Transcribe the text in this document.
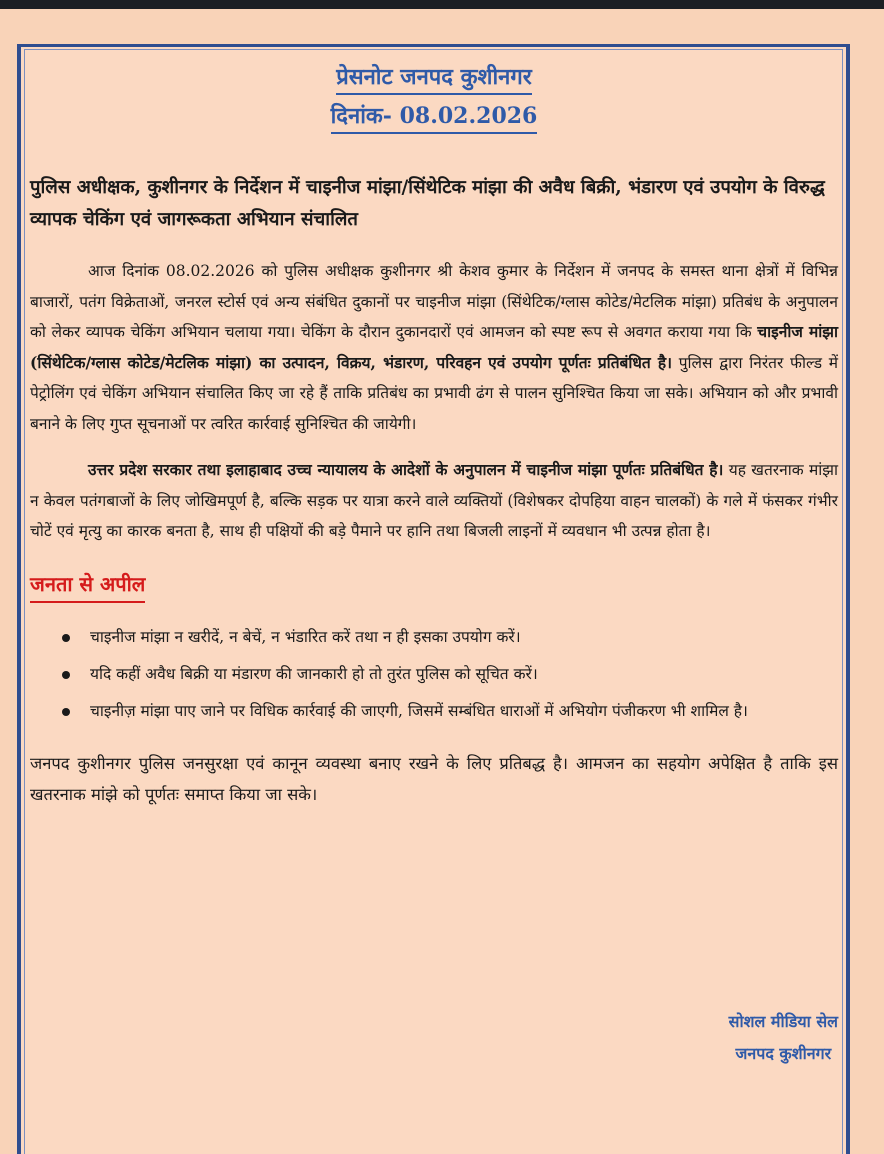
प्रेसनोट जनपद कुशीनगर
दिनांक- 08.02.2026
पुलिस अधीक्षक, कुशीनगर के निर्देशन में चाइनीज मांझा/सिंथेटिक मांझा की अवैध बिक्री, भंडारण एवं उपयोग के विरुद्ध व्यापक चेकिंग एवं जागरूकता अभियान संचालित
आज दिनांक 08.02.2026 को पुलिस अधीक्षक कुशीनगर श्री केशव कुमार के निर्देशन में जनपद के समस्त थाना क्षेत्रों में विभिन्न बाजारों, पतंग विक्रेताओं, जनरल स्टोर्स एवं अन्य संबंधित दुकानों पर चाइनीज मांझा (सिंथेटिक/ग्लास कोटेड/मेटलिक मांझा) प्रतिबंध के अनुपालन को लेकर व्यापक चेकिंग अभियान चलाया गया। चेकिंग के दौरान दुकानदारों एवं आमजन को स्पष्ट रूप से अवगत कराया गया कि चाइनीज मांझा (सिंथेटिक/ग्लास कोटेड/मेटलिक मांझा) का उत्पादन, विक्रय, भंडारण, परिवहन एवं उपयोग पूर्णतः प्रतिबंधित है। पुलिस द्वारा निरंतर फील्ड में पेट्रोलिंग एवं चेकिंग अभियान संचालित किए जा रहे हैं ताकि प्रतिबंध का प्रभावी ढंग से पालन सुनिश्चित किया जा सके। अभियान को और प्रभावी बनाने के लिए गुप्त सूचनाओं पर त्वरित कार्रवाई सुनिश्चित की जायेगी।
उत्तर प्रदेश सरकार तथा इलाहाबाद उच्च न्यायालय के आदेशों के अनुपालन में चाइनीज मांझा पूर्णतः प्रतिबंधित है। यह खतरनाक मांझा न केवल पतंगबाजों के लिए जोखिमपूर्ण है, बल्कि सड़क पर यात्रा करने वाले व्यक्तियों (विशेषकर दोपहिया वाहन चालकों) के गले में फंसकर गंभीर चोटें एवं मृत्यु का कारक बनता है, साथ ही पक्षियों की बड़े पैमाने पर हानि तथा बिजली लाइनों में व्यवधान भी उत्पन्न होता है।
जनता से अपील
चाइनीज मांझा न खरीदें, न बेचें, न भंडारित करें तथा न ही इसका उपयोग करें।
यदि कहीं अवैध बिक्री या मंडारण की जानकारी हो तो तुरंत पुलिस को सूचित करें।
चाइनीज़ मांझा पाए जाने पर विधिक कार्रवाई की जाएगी, जिसमें सम्बंधित धाराओं में अभियोग पंजीकरण भी शामिल है।
जनपद कुशीनगर पुलिस जनसुरक्षा एवं कानून व्यवस्था बनाए रखने के लिए प्रतिबद्ध है। आमजन का सहयोग अपेक्षित है ताकि इस खतरनाक मांझे को पूर्णतः समाप्त किया जा सके।
सोशल मीडिया सेल
जनपद कुशीनगर
